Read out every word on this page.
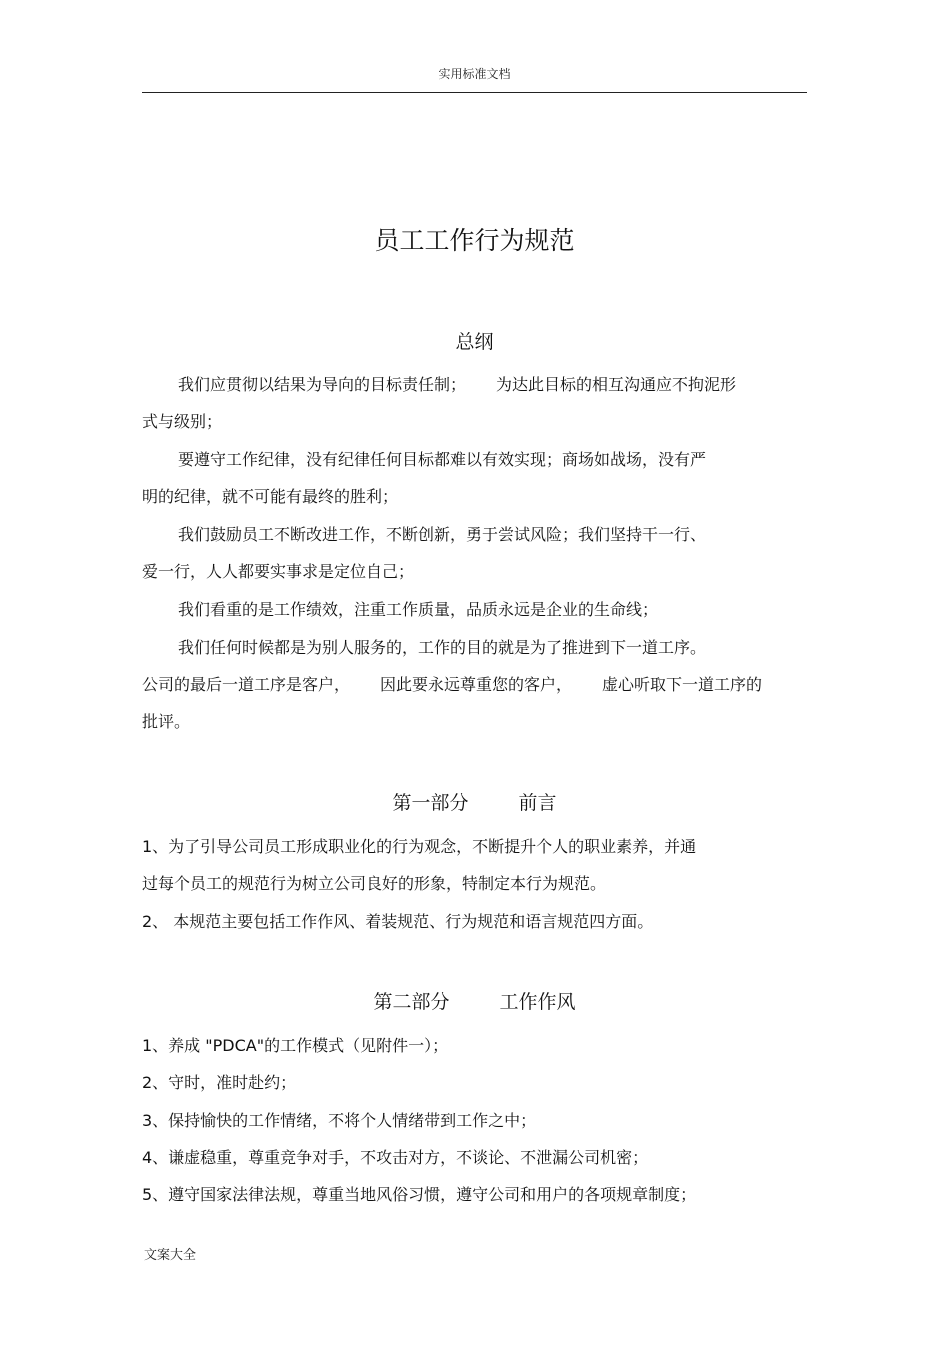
实用标准文档
员工工作行为规范
总纲
我们应贯彻以结果为导向的目标责任制； 为达此目标的相互沟通应不拘泥形
式与级别；
要遵守工作纪律，没有纪律任何目标都难以有效实现；商场如战场，没有严
明的纪律，就不可能有最终的胜利；
我们鼓励员工不断改进工作，不断创新，勇于尝试风险；我们坚持干一行、
爱一行，人人都要实事求是定位自己；
我们看重的是工作绩效，注重工作质量，品质永远是企业的生命线；
我们任何时候都是为别人服务的，工作的目的就是为了推进到下一道工序。
公司的最后一道工序是客户， 因此要永远尊重您的客户， 虚心听取下一道工序的
批评。
第一部分	前言
1、为了引导公司员工形成职业化的行为观念，不断提升个人的职业素养，并通
过每个员工的规范行为树立公司良好的形象，特制定本行为规范。
2、 本规范主要包括工作作风、着装规范、行为规范和语言规范四方面。
第二部分	工作作风
1、养成 "PDCA"的工作模式（见附件一）；
2、守时，准时赴约；
3、保持愉快的工作情绪，不将个人情绪带到工作之中；
4、谦虚稳重，尊重竞争对手，不攻击对方，不谈论、不泄漏公司机密；
5、遵守国家法律法规，尊重当地风俗习惯，遵守公司和用户的各项规章制度；
文案大全
